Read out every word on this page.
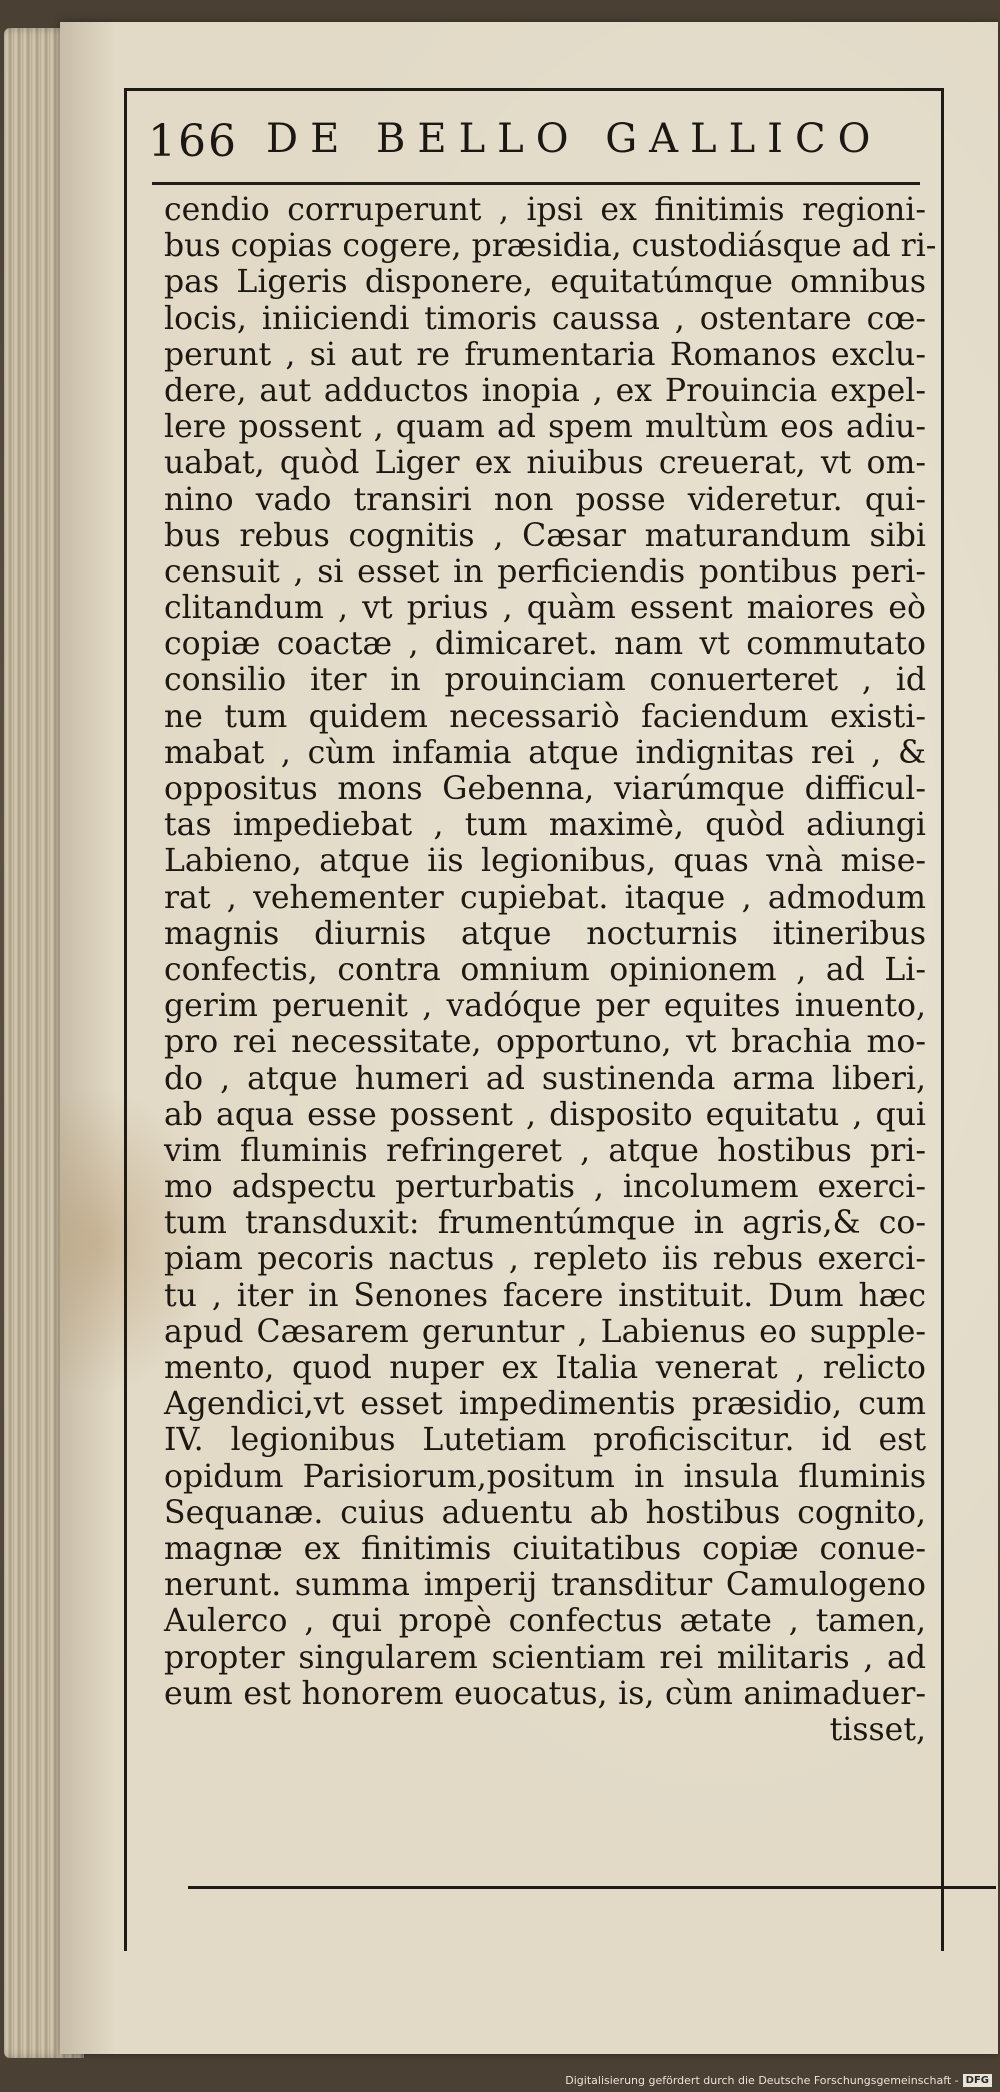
166 DE BELLO GALLICO
cendio corruperunt , ipsi ex finitimis regioni-
bus copias cogere, præsidia, custodiásque ad ri-
pas Ligeris disponere, equitatúmque omnibus
locis, iniiciendi timoris caussa , ostentare cœ-
perunt , si aut re frumentaria Romanos exclu-
dere, aut adductos inopia , ex Prouincia expel-
lere possent , quam ad spem multùm eos adiu-
uabat, quòd Liger ex niuibus creuerat, vt om-
nino vado transiri non posse videretur. qui-
bus rebus cognitis , Cæsar maturandum sibi
censuit , si esset in perficiendis pontibus peri-
clitandum , vt prius , quàm essent maiores eò
copiæ coactæ , dimicaret. nam vt commutato
consilio iter in prouinciam conuerteret , id
ne tum quidem necessariò faciendum existi-
mabat , cùm infamia atque indignitas rei , &
oppositus mons Gebenna, viarúmque difficul-
tas impediebat , tum maximè, quòd adiungi
Labieno, atque iis legionibus, quas vnà mise-
rat , vehementer cupiebat. itaque , admodum
magnis diurnis atque nocturnis itineribus
confectis, contra omnium opinionem , ad Li-
gerim peruenit , vadóque per equites inuento,
pro rei necessitate, opportuno, vt brachia mo-
do , atque humeri ad sustinenda arma liberi,
ab aqua esse possent , disposito equitatu , qui
vim fluminis refringeret , atque hostibus pri-
mo adspectu perturbatis , incolumem exerci-
tum transduxit: frumentúmque in agris,& co-
piam pecoris nactus , repleto iis rebus exerci-
tu , iter in Senones facere instituit. Dum hæc
apud Cæsarem geruntur , Labienus eo supple-
mento, quod nuper ex Italia venerat , relicto
Agendici,vt esset impedimentis præsidio, cum
IV. legionibus Lutetiam proficiscitur. id est
opidum Parisiorum,positum in insula fluminis
Sequanæ. cuius aduentu ab hostibus cognito,
magnæ ex finitimis ciuitatibus copiæ conue-
nerunt. summa imperij transditur Camulogeno
Aulerco , qui propè confectus ætate , tamen,
propter singularem scientiam rei militaris , ad
eum est honorem euocatus, is, cùm animaduer-
tisset,
Digitalisierung gefördert durch die Deutsche Forschungsgemeinschaft - DFG
